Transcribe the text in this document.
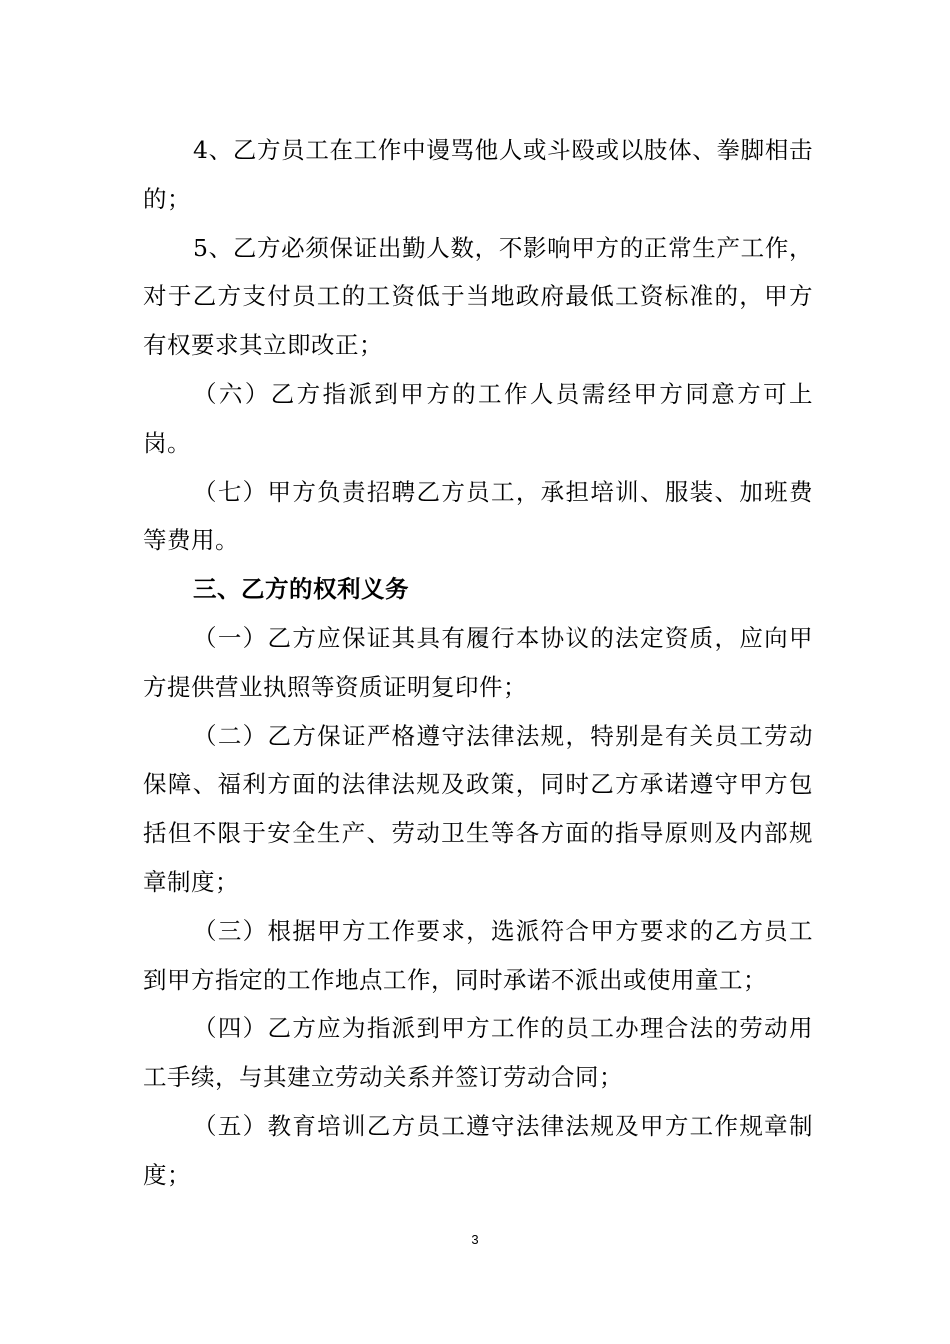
4、乙方员工在工作中谩骂他人或斗殴或以肢体、拳脚相击的；

5、乙方必须保证出勤人数，不影响甲方的正常生产工作，对于乙方支付员工的工资低于当地政府最低工资标准的，甲方有权要求其立即改正；

（六）乙方指派到甲方的工作人员需经甲方同意方可上岗。

（七）甲方负责招聘乙方员工，承担培训、服装、加班费等费用。

三、乙方的权利义务

（一）乙方应保证其具有履行本协议的法定资质，应向甲方提供营业执照等资质证明复印件；

（二）乙方保证严格遵守法律法规，特别是有关员工劳动保障、福利方面的法律法规及政策，同时乙方承诺遵守甲方包括但不限于安全生产、劳动卫生等各方面的指导原则及内部规章制度；

（三）根据甲方工作要求，选派符合甲方要求的乙方员工到甲方指定的工作地点工作，同时承诺不派出或使用童工；

（四）乙方应为指派到甲方工作的员工办理合法的劳动用工手续，与其建立劳动关系并签订劳动合同；

（五）教育培训乙方员工遵守法律法规及甲方工作规章制度；

3
